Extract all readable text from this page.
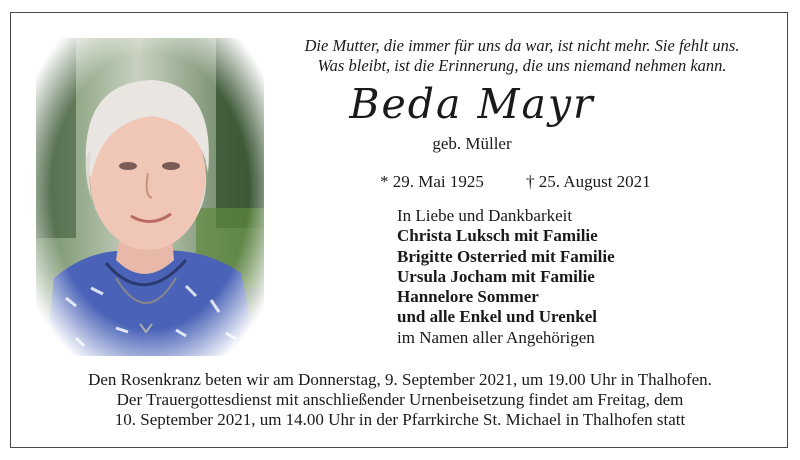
Die Mutter, die immer für uns da war, ist nicht mehr. Sie fehlt uns.
Was bleibt, ist die Erinnerung, die uns niemand nehmen kann.
Beda Mayr
geb. Müller
* 29. Mai 1925 † 25. August 2021
In Liebe und Dankbarkeit
Christa Luksch mit Familie
Brigitte Osterried mit Familie
Ursula Jocham mit Familie
Hannelore Sommer
und alle Enkel und Urenkel
im Namen aller Angehörigen
Den Rosenkranz beten wir am Donnerstag, 9. September 2021, um 19.00 Uhr in Thalhofen.
Der Trauergottesdienst mit anschließender Urnenbeisetzung findet am Freitag, dem
10. September 2021, um 14.00 Uhr in der Pfarrkirche St. Michael in Thalhofen statt
